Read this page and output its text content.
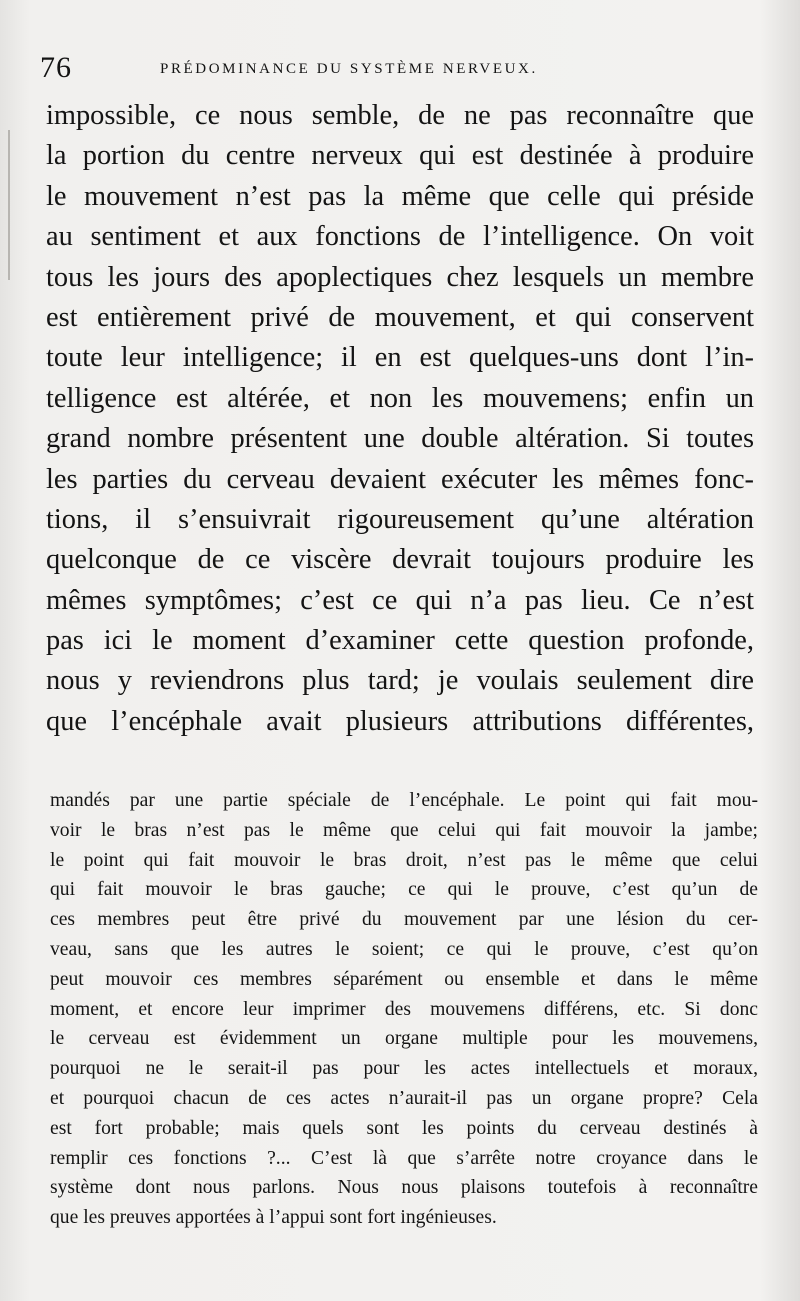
76	PRÉDOMINANCE DU SYSTÈME NERVEUX.
impossible, ce nous semble, de ne pas reconnaître que
la portion du centre nerveux qui est destinée à produire
le mouvement n’est pas la même que celle qui préside
au sentiment et aux fonctions de l’intelligence. On voit
tous les jours des apoplectiques chez lesquels un membre
est entièrement privé de mouvement, et qui conservent
toute leur intelligence; il en est quelques-uns dont l’in-
telligence est altérée, et non les mouvemens; enfin un
grand nombre présentent une double altération. Si toutes
les parties du cerveau devaient exécuter les mêmes fonc-
tions, il s’ensuivrait rigoureusement qu’une altération
quelconque de ce viscère devrait toujours produire les
mêmes symptômes; c’est ce qui n’a pas lieu. Ce n’est
pas ici le moment d’examiner cette question profonde,
nous y reviendrons plus tard; je voulais seulement dire
que l’encéphale avait plusieurs attributions différentes,
mandés par une partie spéciale de l’encéphale. Le point qui fait mou-
voir le bras n’est pas le même que celui qui fait mouvoir la jambe;
le point qui fait mouvoir le bras droit, n’est pas le même que celui
qui fait mouvoir le bras gauche; ce qui le prouve, c’est qu’un de
ces membres peut être privé du mouvement par une lésion du cer-
veau, sans que les autres le soient; ce qui le prouve, c’est qu’on
peut mouvoir ces membres séparément ou ensemble et dans le même
moment, et encore leur imprimer des mouvemens différens, etc. Si donc
le cerveau est évidemment un organe multiple pour les mouvemens,
pourquoi ne le serait-il pas pour les actes intellectuels et moraux,
et pourquoi chacun de ces actes n’aurait-il pas un organe propre? Cela
est fort probable; mais quels sont les points du cerveau destinés à
remplir ces fonctions ?... C’est là que s’arrête notre croyance dans le
système dont nous parlons. Nous nous plaisons toutefois à reconnaître
que les preuves apportées à l’appui sont fort ingénieuses.
